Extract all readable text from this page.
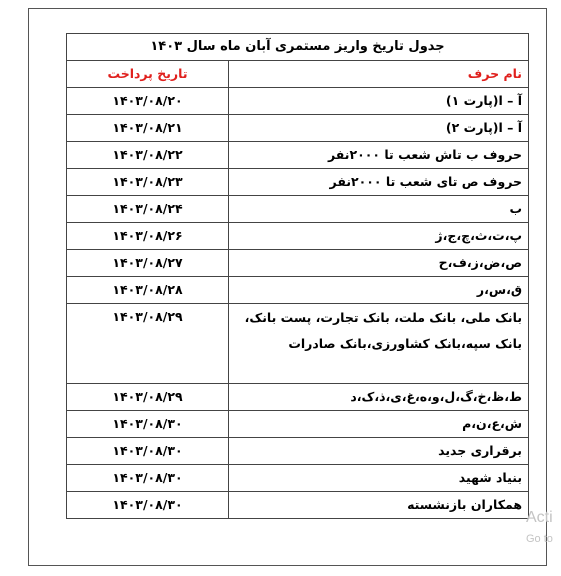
جدول تاریخ واریز مستمری آبان ماه سال ۱۴۰۳	
نام حرف	تاریخ پرداخت
آ – ا(پارت ۱)	۱۴۰۳/۰۸/۲۰
آ – ا(پارت ۲)	۱۴۰۳/۰۸/۲۱
حروف ب تاش شعب تا ۲۰۰۰نفر	۱۴۰۳/۰۸/۲۲
حروف ص تای شعب تا ۲۰۰۰نفر	۱۴۰۳/۰۸/۲۳
ب	۱۴۰۳/۰۸/۲۴
پ،ت،ث،چ،ج،ژ	۱۴۰۳/۰۸/۲۶
ص،ض،ز،ف،ح	۱۴۰۳/۰۸/۲۷
ق،س،ر	۱۴۰۳/۰۸/۲۸
بانک ملی، بانک ملت، بانک تجارت، پست بانک، بانک سپه،بانک کشاورزی،بانک صادرات	۱۴۰۳/۰۸/۲۹
ط،ظ،خ،گ،ل،و،ه،غ،ی،ذ،ک،د	۱۴۰۳/۰۸/۲۹
ش،ع،ن،م	۱۴۰۳/۰۸/۳۰
برقراری جدید	۱۴۰۳/۰۸/۳۰
بنیاد شهید	۱۴۰۳/۰۸/۳۰
همکاران بازنشسته	۱۴۰۳/۰۸/۳۰
Acti
Go to
